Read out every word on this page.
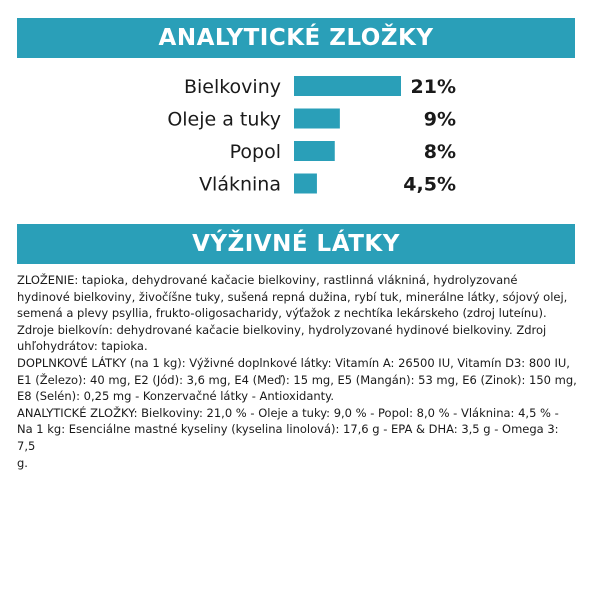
ANALYTICKÉ ZLOŽKY
Bielkoviny	21%
Oleje a tuky	9%
Popol	8%
Vláknina	4,5%
VÝŽIVNÉ LÁTKY

ZLOŽENIE: tapioka, dehydrované kačacie bielkoviny, rastlinná vlákniná, hydrolyzované

hydinové bielkoviny, živočíšne tuky, sušená repná dužina, rybí tuk, minerálne látky, sójový olej,

semená a plevy psyllia, frukto-oligosacharidy, výťažok z nechtíka lekárskeho (zdroj luteínu).

Zdroje bielkovín: dehydrované kačacie bielkoviny, hydrolyzované hydinové bielkoviny. Zdroj

uhľohydrátov: tapioka.

DOPLNKOVÉ LÁTKY (na 1 kg): Výživné doplnkové látky: Vitamín A: 26500 IU, Vitamín D3: 800 IU,

E1 (Železo): 40 mg, E2 (Jód): 3,6 mg, E4 (Meď): 15 mg, E5 (Mangán): 53 mg, E6 (Zinok): 150 mg,

E8 (Selén): 0,25 mg - Konzervačné látky - Antioxidanty.

ANALYTICKÉ ZLOŽKY: Bielkoviny: 21,0 % - Oleje a tuky: 9,0 % - Popol: 8,0 % - Vláknina: 4,5 % -

Na 1 kg: Esenciálne mastné kyseliny (kyselina linolová): 17,6 g - EPA & DHA: 3,5 g - Omega 3: 7,5

g.
